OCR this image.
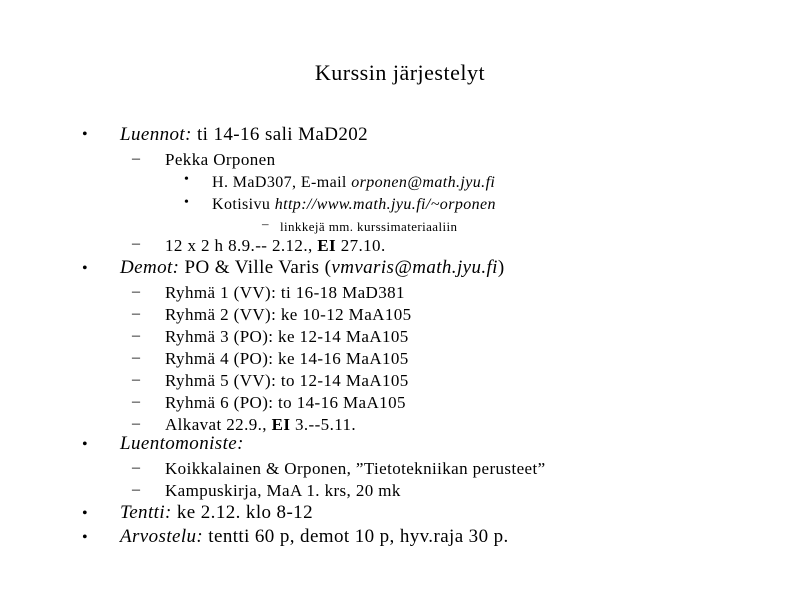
Kurssin järjestelyt
• Luennot: ti 14-16 sali MaD202
– Pekka Orponen
• H. MaD307, E-mail orponen@math.jyu.fi
• Kotisivu http://www.math.jyu.fi/~orponen
– linkkejä mm. kurssimateriaaliin
– 12 x 2 h 8.9.-- 2.12., EI 27.10.
• Demot: PO & Ville Varis (vmvaris@math.jyu.fi)
– Ryhmä 1 (VV): ti 16-18 MaD381
– Ryhmä 2 (VV): ke 10-12 MaA105
– Ryhmä 3 (PO): ke 12-14 MaA105
– Ryhmä 4 (PO): ke 14-16 MaA105
– Ryhmä 5 (VV): to 12-14 MaA105
– Ryhmä 6 (PO): to 14-16 MaA105
– Alkavat 22.9., EI 3.--5.11.
• Luentomoniste:
– Koikkalainen & Orponen, ”Tietotekniikan perusteet”
– Kampuskirja, MaA 1. krs, 20 mk
• Tentti: ke 2.12. klo 8-12
• Arvostelu: tentti 60 p, demot 10 p, hyv.raja 30 p.
